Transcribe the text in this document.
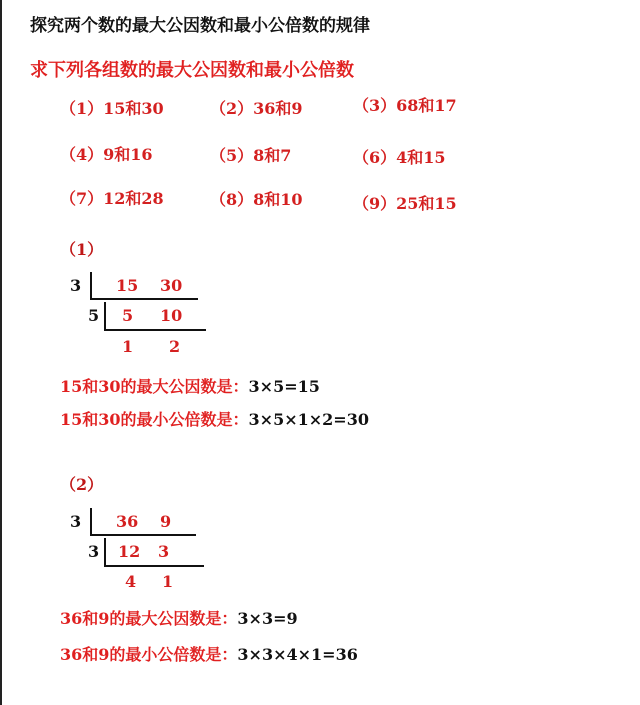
探究两个数的最大公因数和最小公倍数的规律
求下列各组数的最大公因数和最小公倍数
（1）15和30	（2）36和9	（3）68和17
（4）9和16	（5）8和7	（6）4和15
（7）12和28	（8）8和10	（9）25和15
（1）
3 15 30
5 5 10
1 2
15和30的最大公因数是：3×5=15
15和30的最小公倍数是：3×5×1×2=30
（2）
3 36 9
3 12 3
4 1
36和9的最大公因数是：3×3=9
36和9的最小公倍数是：3×3×4×1=36
